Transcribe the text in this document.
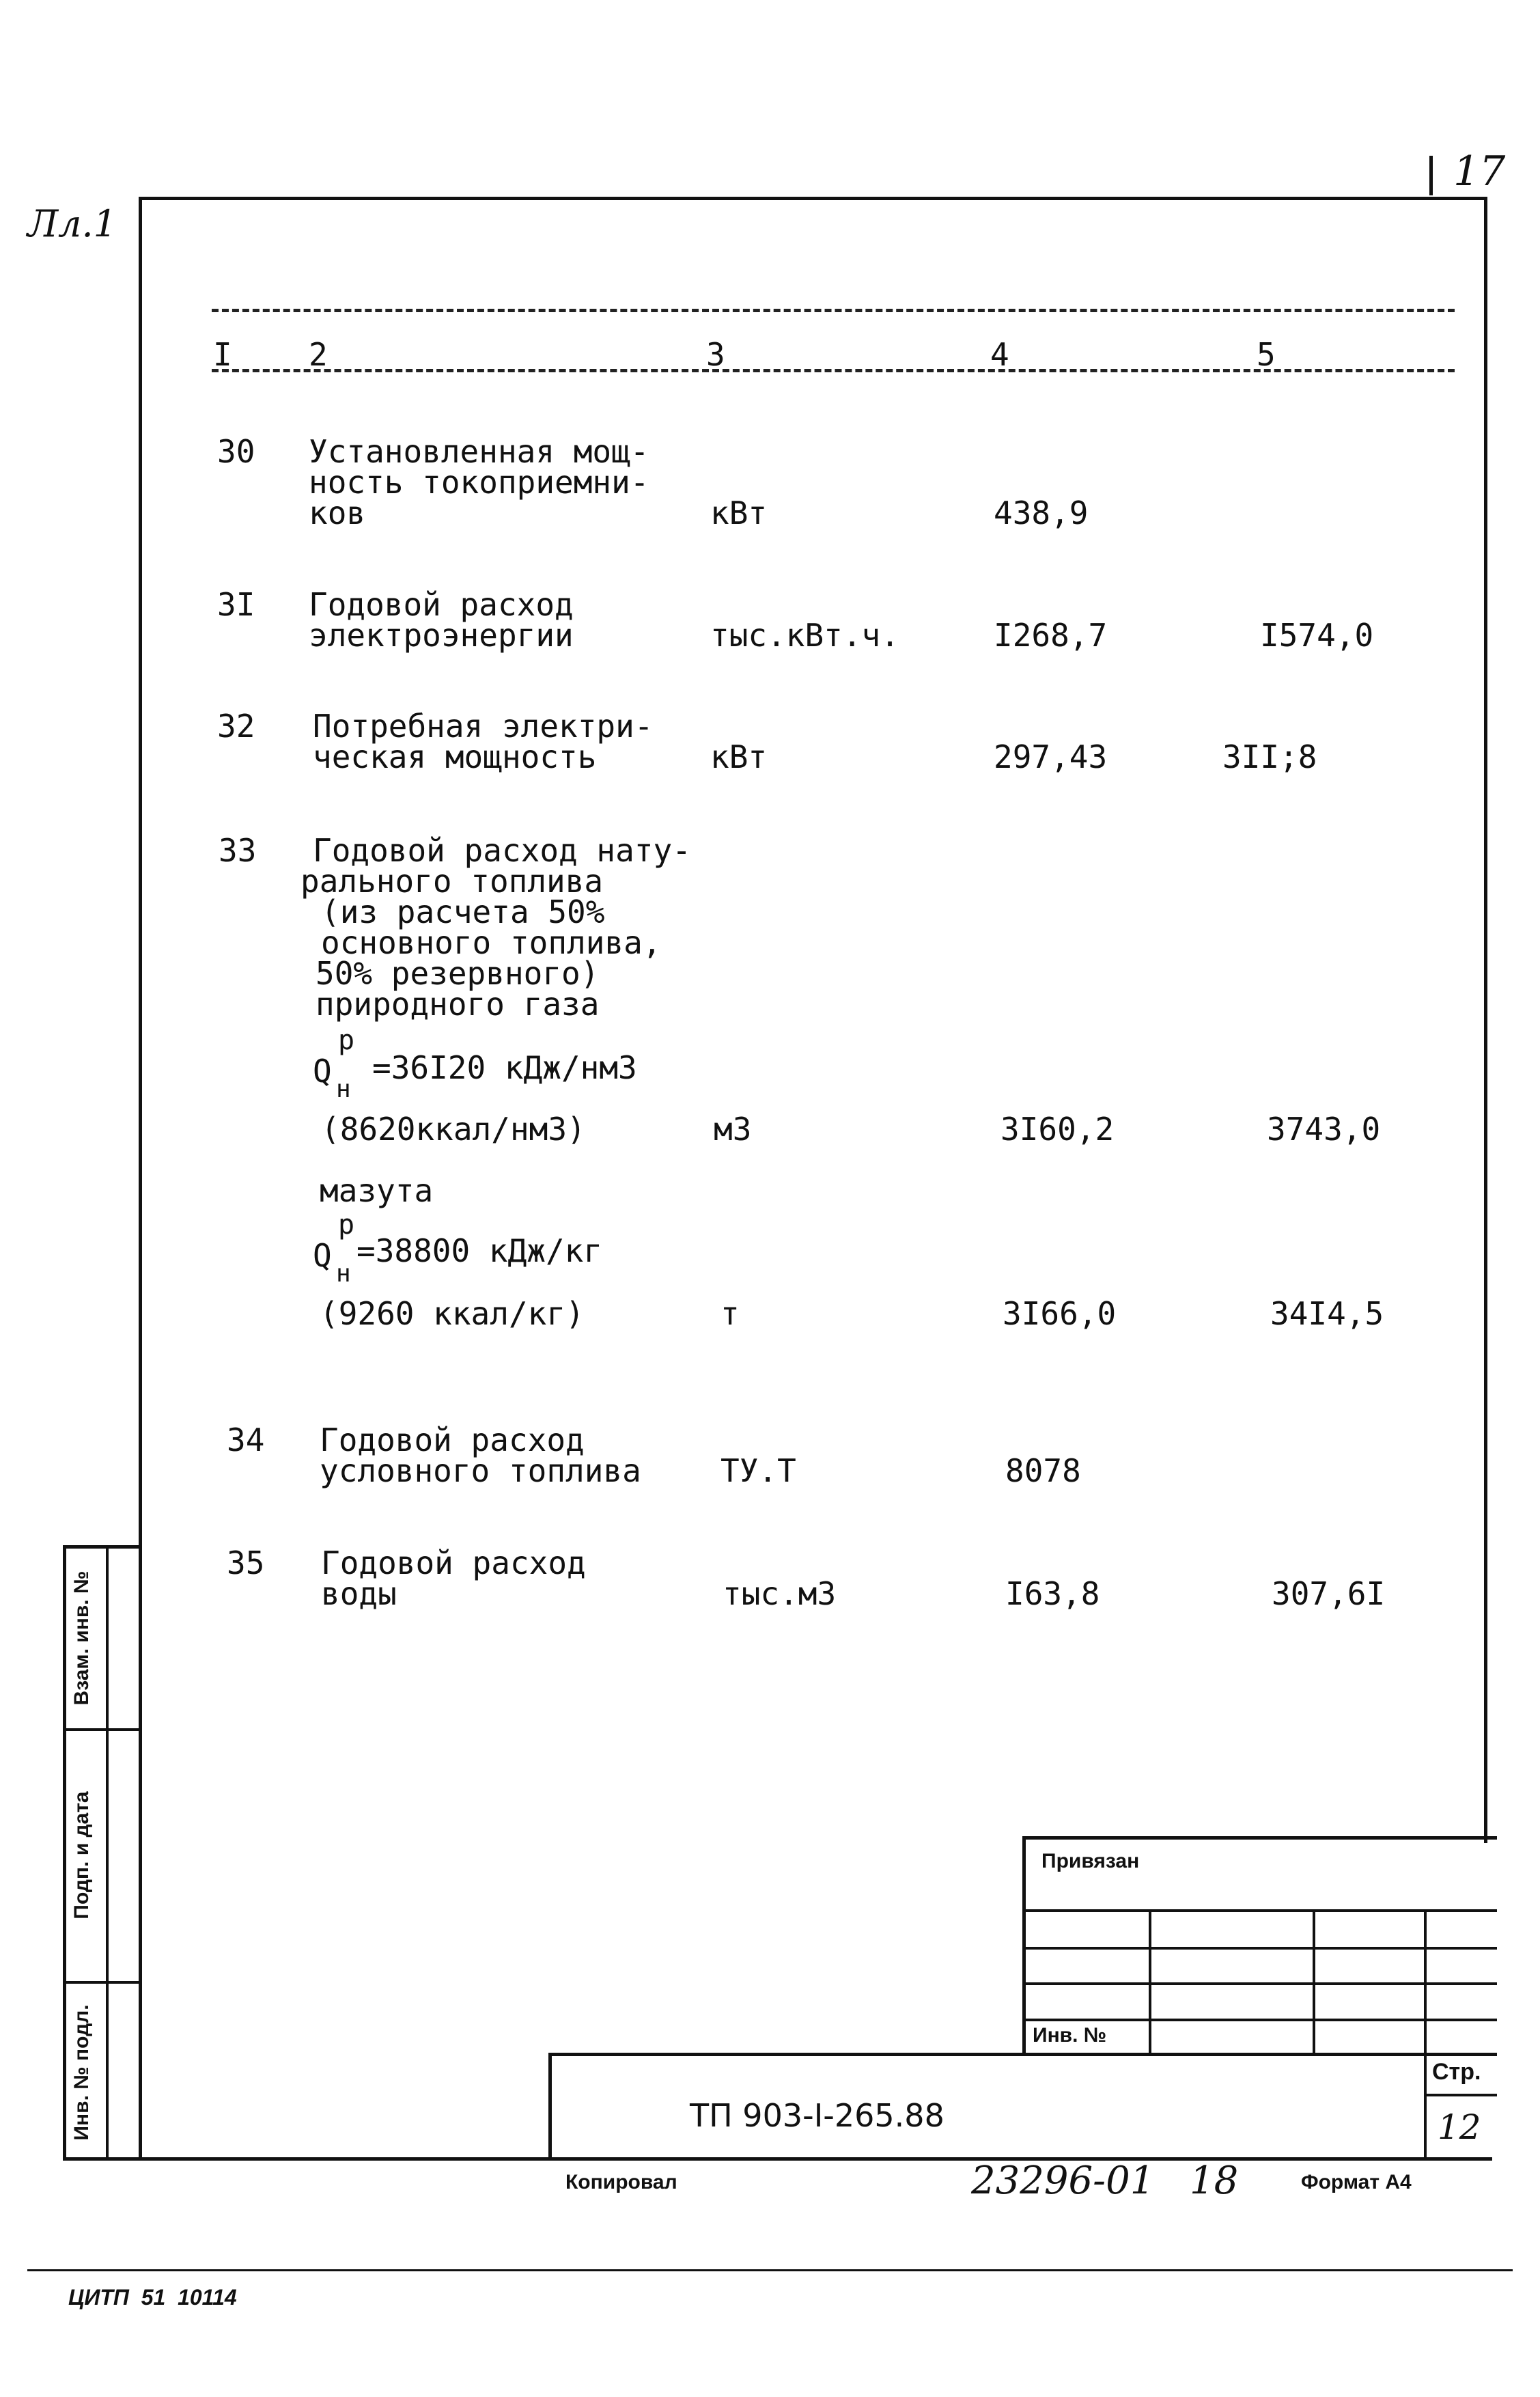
Лл.1
17
I 2	3	4	5
30 Установленная мощ-
ность токоприемни-
ков	кВт	438,9
3I Годовой расход
электроэнергии	тыс.кВт.ч.	I268,7	I574,0
32 Потребная электри-
ческая мощность	кВт	297,43	3II;8
33 Годовой расход нату-
рального топлива
(из расчета 50%
основного топлива,
50% резервного)
природного газа
Q
p
н
=36I20 кДж/нм3
(8620ккал/нм3)	м3	3I60,2	3743,0
мазута
Q
p
н
=38800 кДж/кг
(9260 ккал/кг)	т	3I66,0	34I4,5
34 Годовой расход
условного топлива	ТУ.Т	8078
35 Годовой расход
воды	тыс.м3	I63,8	307,6I
Взам. инв. №
Подп. и дата
Инв. № подл.
Привязан
Инв. №
ТП 903-I-265.88
Стр.
12
Копировал	23296-01 18	Формат А4
ЦИТП  51  10114
